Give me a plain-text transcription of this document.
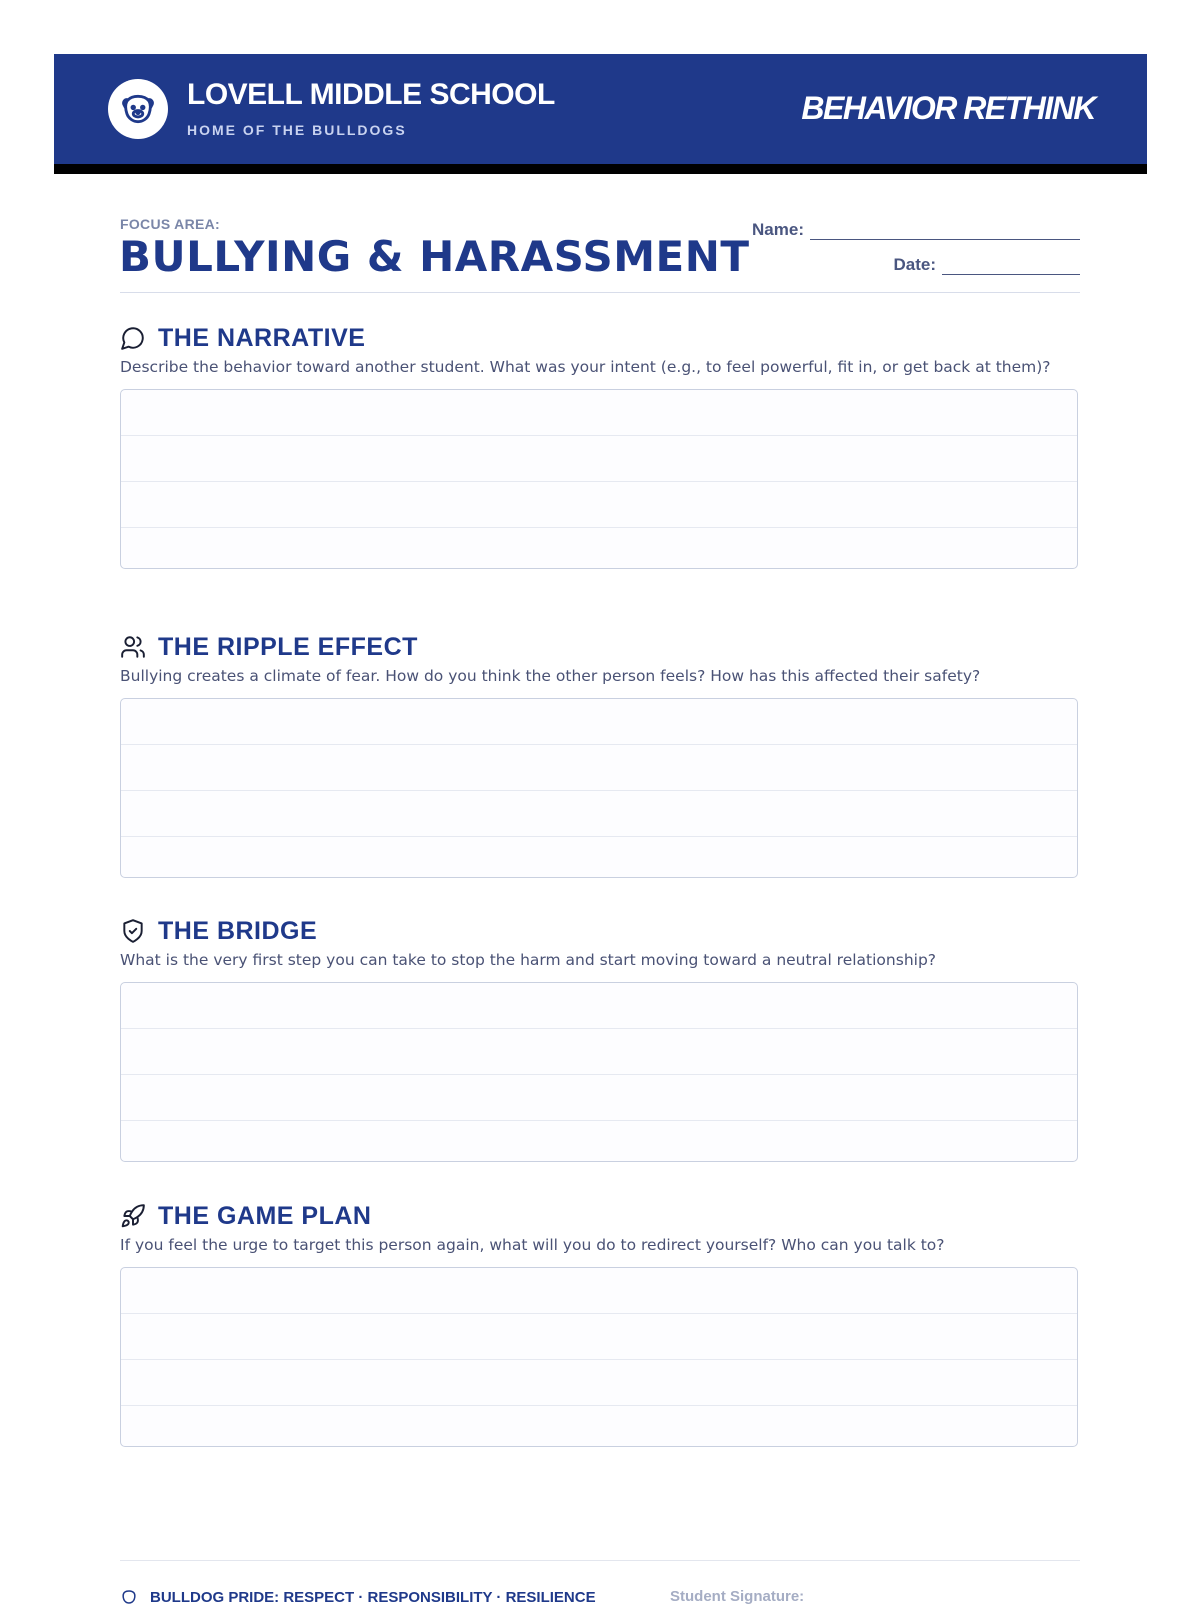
LOVELL MIDDLE SCHOOL
HOME OF THE BULLDOGS
BEHAVIOR RETHINK
FOCUS AREA:
BULLYING & HARASSMENT
Name:
Date:
THE NARRATIVE
Describe the behavior toward another student. What was your intent (e.g., to feel powerful, fit in, or get back at them)?
THE RIPPLE EFFECT
Bullying creates a climate of fear. How do you think the other person feels? How has this affected their safety?
THE BRIDGE
What is the very first step you can take to stop the harm and start moving toward a neutral relationship?
THE GAME PLAN
If you feel the urge to target this person again, what will you do to redirect yourself? Who can you talk to?
BULLDOG PRIDE: RESPECT · RESPONSIBILITY · RESILIENCE	Student Signature:
